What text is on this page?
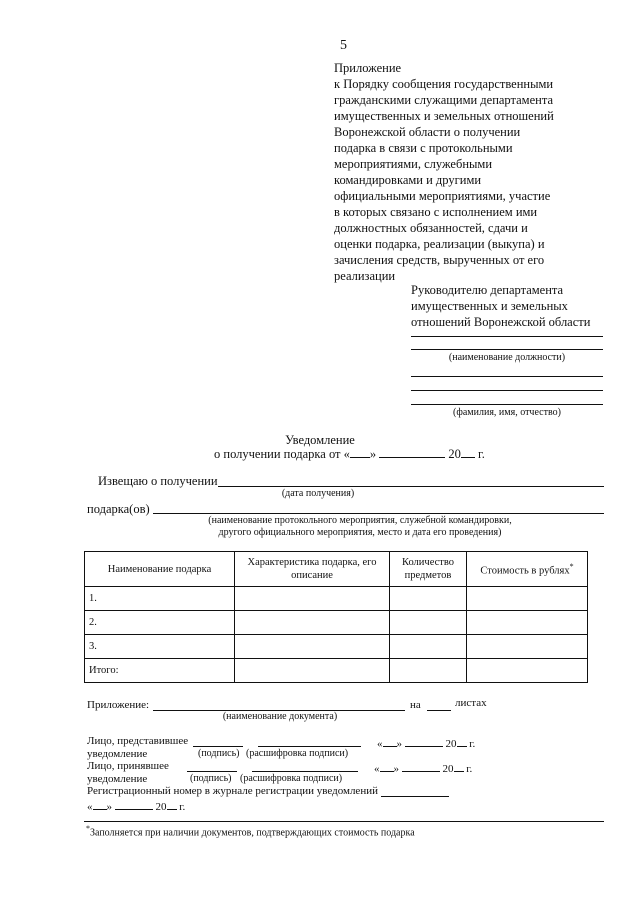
5
Приложение
к Порядку сообщения государственными
гражданскими служащими департамента
имущественных и земельных отношений
Воронежской области о получении
подарка в связи с протокольными
мероприятиями, служебными
командировками и другими
официальными мероприятиями, участие
в которых связано с исполнением ими
должностных обязанностей, сдачи и
оценки подарка, реализации (выкупа) и
зачисления средств, вырученных от его
реализации
Руководителю департамента
имущественных и земельных
отношений Воронежской области
(наименование должности)
(фамилия, имя, отчество)
Уведомление
о получении подарка от « »	20 г.
Извещаю о получении
(дата получения)
подарка(ов)
(наименование протокольного мероприятия, служебной командировки,
другого официального мероприятия, место и дата его проведения)
Наименование подарка	Характеристика подарка, его описание	Количество предметов	Стоимость в рублях*
1.			
2.			
3.			
Итого:			
Приложение:	на	листах
(наименование документа)
Лицо, представившее
уведомление	(подпись) (расшифровка подписи)
« »	20 г.
Лицо, принявшее
уведомление	(подпись) (расшифровка подписи)
« »	20 г.
Регистрационный номер в журнале регистрации уведомлений
« »	20 г.
*Заполняется при наличии документов, подтверждающих стоимость подарка
